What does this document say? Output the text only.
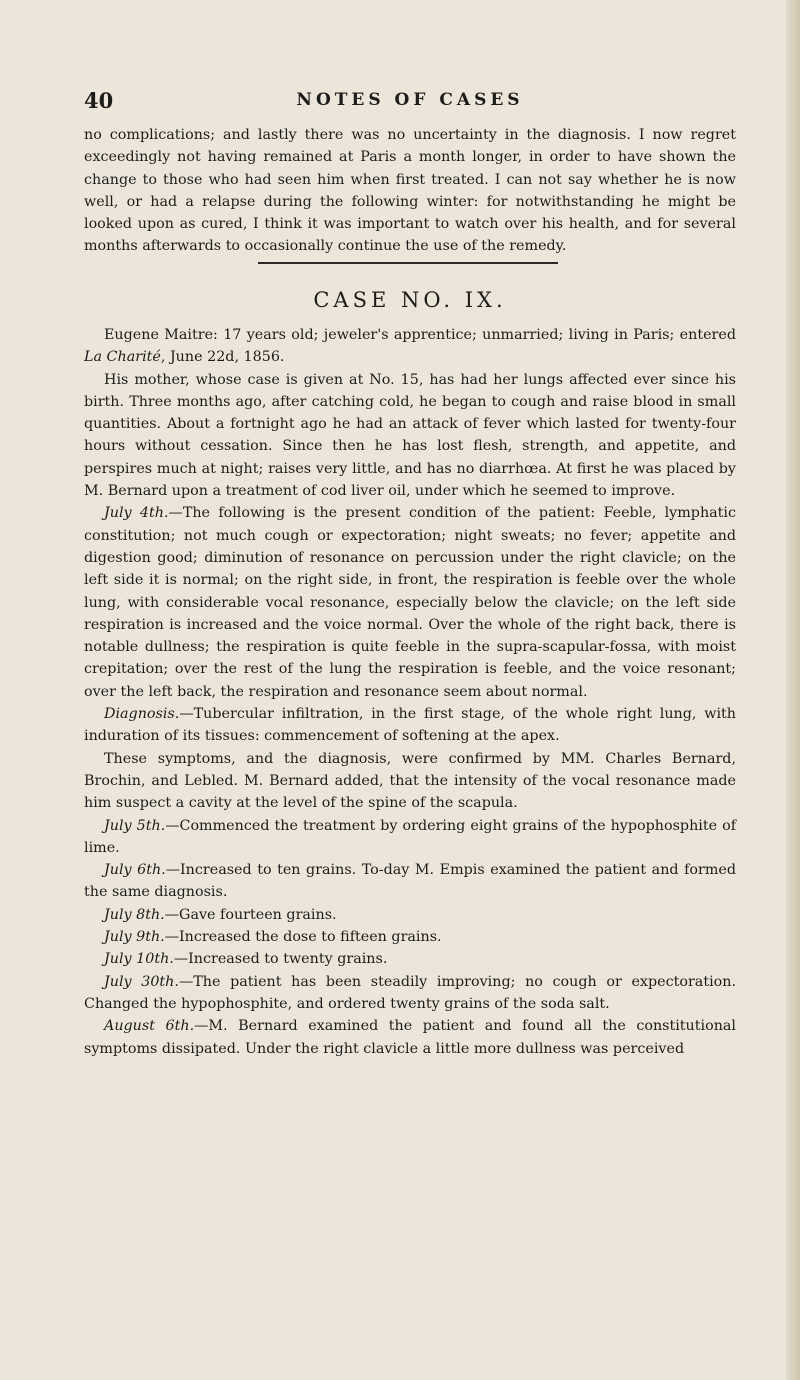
40	NOTES OF CASES

no complications; and lastly there was no uncertainty in the diagnosis. I now regret exceedingly not having remained at Paris a month longer, in order to have shown the change to those who had seen him when first treated. I can not say whether he is now well, or had a relapse during the following winter: for notwithstanding he might be looked upon as cured, I think it was important to watch over his health, and for several months afterwards to occasionally continue the use of the remedy.

CASE NO. IX.

Eugene Maitre: 17 years old; jeweler's apprentice; unmarried; living in Paris; entered La Charité, June 22d, 1856.

His mother, whose case is given at No. 15, has had her lungs affected ever since his birth. Three months ago, after catching cold, he began to cough and raise blood in small quantities. About a fortnight ago he had an attack of fever which lasted for twenty-four hours without cessation. Since then he has lost flesh, strength, and appetite, and perspires much at night; raises very little, and has no diarrhœa. At first he was placed by M. Bernard upon a treatment of cod liver oil, under which he seemed to improve.

July 4th.—The following is the present condition of the patient: Feeble, lymphatic constitution; not much cough or expectoration; night sweats; no fever; appetite and digestion good; diminution of resonance on percussion under the right clavicle; on the left side it is normal; on the right side, in front, the respiration is feeble over the whole lung, with considerable vocal resonance, especially below the clavicle; on the left side respiration is increased and the voice normal. Over the whole of the right back, there is notable dullness; the respiration is quite feeble in the supra-scapular-fossa, with moist crepitation; over the rest of the lung the respiration is feeble, and the voice resonant; over the left back, the respiration and resonance seem about normal.

Diagnosis.—Tubercular infiltration, in the first stage, of the whole right lung, with induration of its tissues: commencement of softening at the apex.

These symptoms, and the diagnosis, were confirmed by MM. Charles Bernard, Brochin, and Lebled. M. Bernard added, that the intensity of the vocal resonance made him suspect a cavity at the level of the spine of the scapula.

July 5th.—Commenced the treatment by ordering eight grains of the hypophosphite of lime.

July 6th.—Increased to ten grains. To-day M. Empis examined the patient and formed the same diagnosis.

July 8th.—Gave fourteen grains.

July 9th.—Increased the dose to fifteen grains.

July 10th.—Increased to twenty grains.

July 30th.—The patient has been steadily improving; no cough or expectoration. Changed the hypophosphite, and ordered twenty grains of the soda salt.

August 6th.—M. Bernard examined the patient and found all the constitutional symptoms dissipated. Under the right clavicle a little more dullness was perceived
